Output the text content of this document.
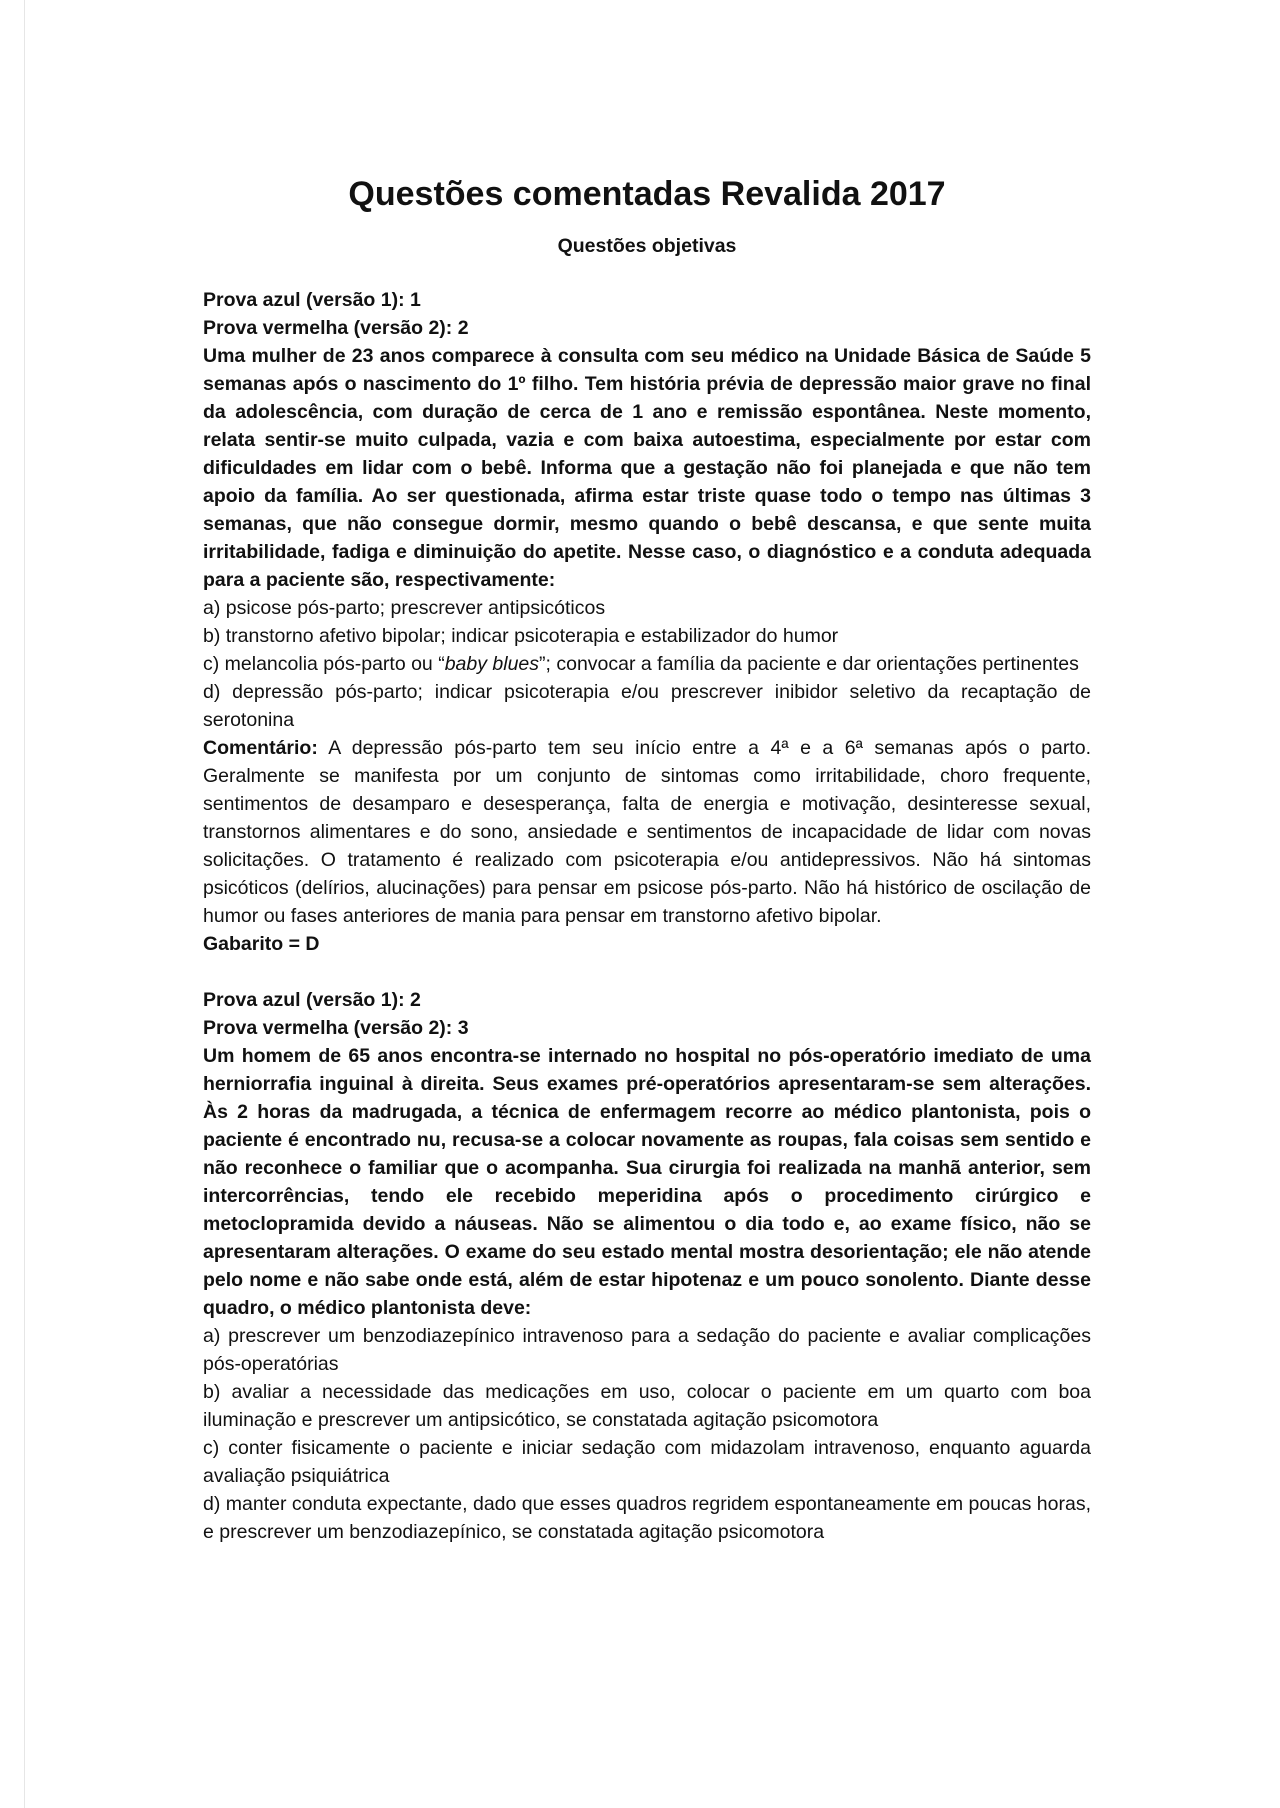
Questões comentadas Revalida 2017
Questões objetivas

Prova azul (versão 1): 1

Prova vermelha (versão 2): 2

Uma mulher de 23 anos comparece à consulta com seu médico na Unidade Básica de Saúde 5 semanas após o nascimento do 1º filho. Tem história prévia de depressão maior grave no final da adolescência, com duração de cerca de 1 ano e remissão espontânea. Neste momento, relata sentir-se muito culpada, vazia e com baixa autoestima, especialmente por estar com dificuldades em lidar com o bebê. Informa que a gestação não foi planejada e que não tem apoio da família. Ao ser questionada, afirma estar triste quase todo o tempo nas últimas 3 semanas, que não consegue dormir, mesmo quando o bebê descansa, e que sente muita irritabilidade, fadiga e diminuição do apetite. Nesse caso, o diagnóstico e a conduta adequada para a paciente são, respectivamente:

a) psicose pós-parto; prescrever antipsicóticos

b) transtorno afetivo bipolar; indicar psicoterapia e estabilizador do humor

c) melancolia pós-parto ou “baby blues”; convocar a família da paciente e dar orientações pertinentes

d) depressão pós-parto; indicar psicoterapia e/ou prescrever inibidor seletivo da recaptação de serotonina

Comentário: A depressão pós-parto tem seu início entre a 4ª e a 6ª semanas após o parto. Geralmente se manifesta por um conjunto de sintomas como irritabilidade, choro frequente, sentimentos de desamparo e desesperança, falta de energia e motivação, desinteresse sexual, transtornos alimentares e do sono, ansiedade e sentimentos de incapacidade de lidar com novas solicitações. O tratamento é realizado com psicoterapia e/ou antidepressivos. Não há sintomas psicóticos (delírios, alucinações) para pensar em psicose pós-parto. Não há histórico de oscilação de humor ou fases anteriores de mania para pensar em transtorno afetivo bipolar.

Gabarito = D

Prova azul (versão 1): 2

Prova vermelha (versão 2): 3

Um homem de 65 anos encontra-se internado no hospital no pós-operatório imediato de uma herniorrafia inguinal à direita. Seus exames pré-operatórios apresentaram-se sem alterações. Às 2 horas da madrugada, a técnica de enfermagem recorre ao médico plantonista, pois o paciente é encontrado nu, recusa-se a colocar novamente as roupas, fala coisas sem sentido e não reconhece o familiar que o acompanha. Sua cirurgia foi realizada na manhã anterior, sem intercorrências, tendo ele recebido meperidina após o procedimento cirúrgico e metoclopramida devido a náuseas. Não se alimentou o dia todo e, ao exame físico, não se apresentaram alterações. O exame do seu estado mental mostra desorientação; ele não atende pelo nome e não sabe onde está, além de estar hipotenaz e um pouco sonolento. Diante desse quadro, o médico plantonista deve:

a) prescrever um benzodiazepínico intravenoso para a sedação do paciente e avaliar complicações pós-operatórias

b) avaliar a necessidade das medicações em uso, colocar o paciente em um quarto com boa iluminação e prescrever um antipsicótico, se constatada agitação psicomotora

c) conter fisicamente o paciente e iniciar sedação com midazolam intravenoso, enquanto aguarda avaliação psiquiátrica

d) manter conduta expectante, dado que esses quadros regridem espontaneamente em poucas horas, e prescrever um benzodiazepínico, se constatada agitação psicomotora
